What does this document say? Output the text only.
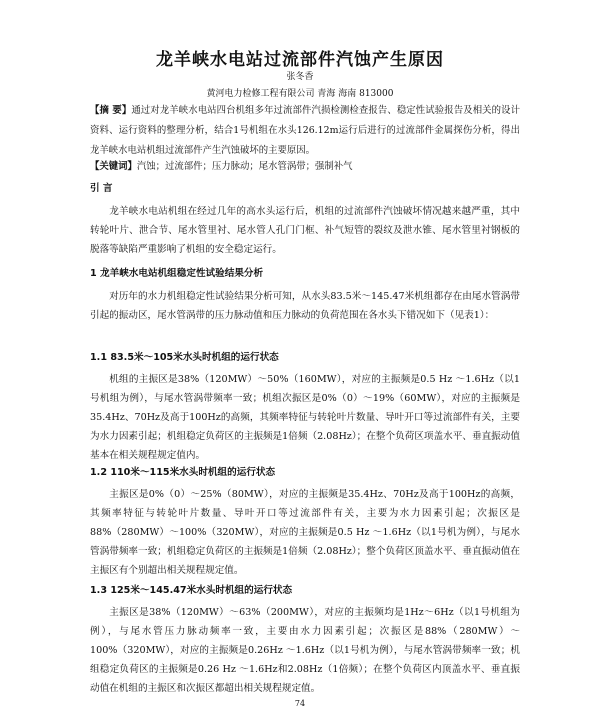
龙羊峡水电站过流部件汽蚀产生原因
张冬香
黄河电力检修工程有限公司 青海 海南 813000

【摘 要】通过对龙羊峡水电站四台机组多年过流部件汽损检测检查报告、稳定性试验报告及相关的设计资料、运行资料的整理分析，结合1号机组在水头126.12m运行后进行的过流部件金属探伤分析，得出龙羊峡水电站机组过流部件产生汽蚀破坏的主要原因。

【关键词】汽蚀；过流部件；压力脉动；尾水管涡带；强制补气

引 言

龙羊峡水电站机组在经过几年的高水头运行后，机组的过流部件汽蚀破坏情况越来越严重，其中转轮叶片、泄合节、尾水管里衬、尾水管人孔门门框、补气短管的裂纹及泄水锥、尾水管里衬钢板的脱落等缺陷严重影响了机组的安全稳定运行。

1 龙羊峡水电站机组稳定性试验结果分析

对历年的水力机组稳定性试验结果分析可知，从水头83.5米～145.47米机组都存在由尾水管涡带引起的振动区，尾水管涡带的压力脉动值和压力脉动的负荷范围在各水头下错况如下（见表1）：

1.1 83.5米～105米水头时机组的运行状态

机组的主振区是38%（120MW）～50%（160MW），对应的主振频是0.5 Hz ～1.6Hz（以1号机组为例），与尾水管涡带频率一致；机组次振区是0%（0）～19%（60MW），对应的主振频是35.4Hz、70Hz及高于100Hz的高频，其频率特征与转轮叶片数量、导叶开口等过流部件有关，主要为水力因素引起；机组稳定负荷区的主振频是1倍频（2.08Hz）；在整个负荷区项盖水平、垂直振动值基本在相关规程规定值内。

1.2 110米～115米水头时机组的运行状态

主振区是0%（0）～25%（80MW），对应的主振频是35.4Hz、70Hz及高于100Hz的高频，其频率特征与转轮叶片数量、导叶开口等过流部件有关，主要为水力因素引起；次振区是88%（280MW）～100%（320MW），对应的主振频是0.5 Hz ～1.6Hz（以1号机为例），与尾水管涡带频率一致；机组稳定负荷区的主振频是1倍频（2.08Hz）；整个负荷区顶盖水平、垂直振动值在主振区有个别超出相关规程规定值。

1.3 125米～145.47米水头时机组的运行状态

主振区是38%（120MW）～63%（200MW），对应的主振频均是1Hz～6Hz（以1号机组为例），与尾水管压力脉动频率一致，主要由水力因素引起；次振区是88%（280MW）～100%（320MW），对应的主振频是0.26Hz ～1.6Hz（以1号机为例），与尾水管涡带频率一致；机组稳定负荷区的主振频是0.26 Hz ～1.6Hz和2.08Hz（1倍频）；在整个负荷区内顶盖水平、垂直振动值在机组的主振区和次振区都超出相关规程规定值。

74
